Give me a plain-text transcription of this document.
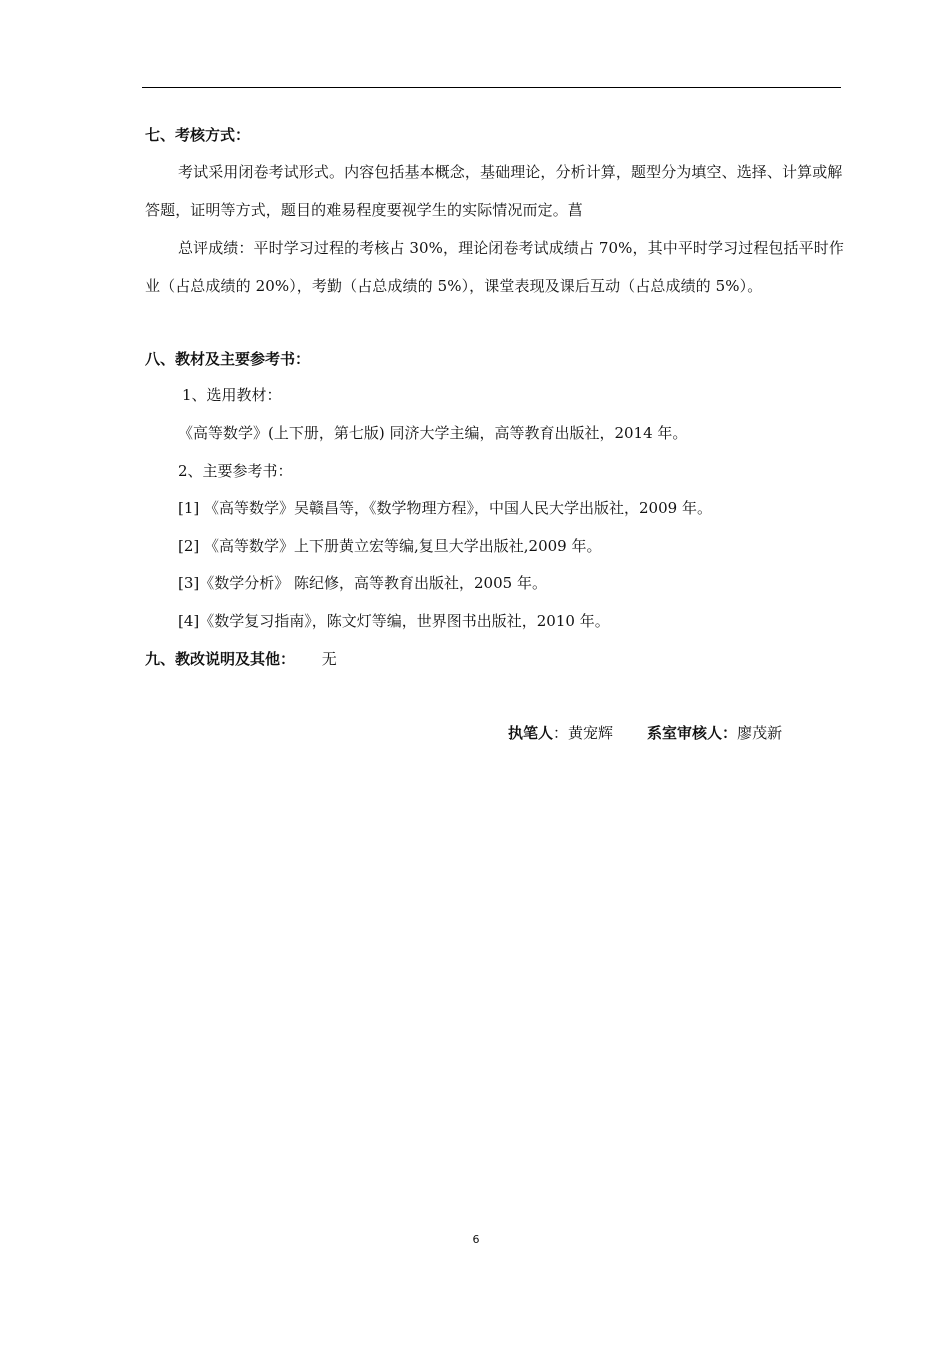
七、考核方式：
考试采用闭卷考试形式。内容包括基本概念，基础理论，分析计算，题型分为填空、选择、计算或解答题，证明等方式，题目的难易程度要视学生的实际情况而定。菖
总评成绩：平时学习过程的考核占 30%，理论闭卷考试成绩占 70%，其中平时学习过程包括平时作业（占总成绩的 20%），考勤（占总成绩的 5%），课堂表现及课后互动（占总成绩的 5%）。
八、教材及主要参考书：
1、选用教材：
《高等数学》(上下册，第七版) 同济大学主编，高等教育出版社，2014 年。
2、主要参考书：
[1] 《高等数学》吴赣昌等，《数学物理方程》，中国人民大学出版社，2009 年。
[2] 《高等数学》上下册黄立宏等编,复旦大学出版社,2009 年。
[3]《数学分析》 陈纪修，高等教育出版社，2005 年。
[4]《数学复习指南》，陈文灯等编，世界图书出版社，2010 年。
九、教改说明及其他： 无
执笔人：黄宠辉 系室审核人：廖茂新
6
